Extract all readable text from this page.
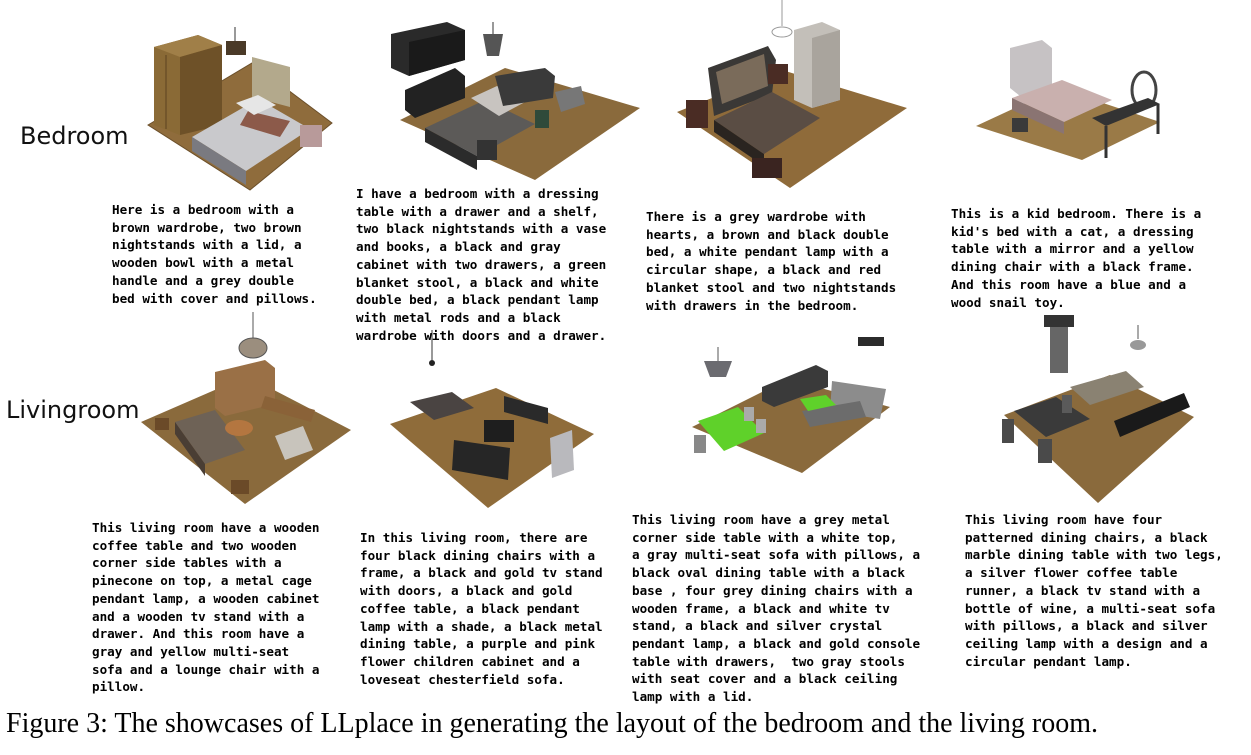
Bedroom
Livingroom
Here is a bedroom with a
brown wardrobe, two brown
nightstands with a lid, a
wooden bowl with a metal
handle and a grey double
bed with cover and pillows.
I have a bedroom with a dressing
table with a drawer and a shelf,
two black nightstands with a vase
and books, a black and gray
cabinet with two drawers, a green
blanket stool, a black and white
double bed, a black pendant lamp
with metal rods and a black
wardrobe with doors and a drawer.
There is a grey wardrobe with
hearts, a brown and black double
bed, a white pendant lamp with a
circular shape, a black and red
blanket stool and two nightstands
with drawers in the bedroom.
This is a kid bedroom. There is a
kid's bed with a cat, a dressing
table with a mirror and a yellow
dining chair with a black frame.
And this room have a blue and a
wood snail toy.
This living room have a wooden
coffee table and two wooden
corner side tables with a
pinecone on top, a metal cage
pendant lamp, a wooden cabinet
and a wooden tv stand with a
drawer. And this room have a
gray and yellow multi-seat
sofa and a lounge chair with a
pillow.
In this living room, there are
four black dining chairs with a
frame, a black and gold tv stand
with doors, a black and gold
coffee table, a black pendant
lamp with a shade, a black metal
dining table, a purple and pink
flower children cabinet and a
loveseat chesterfield sofa.
This living room have a grey metal
corner side table with a white top,
a gray multi-seat sofa with pillows, a
black oval dining table with a black
base , four grey dining chairs with a
wooden frame, a black and white tv
stand, a black and silver crystal
pendant lamp, a black and gold console
table with drawers,  two gray stools
with seat cover and a black ceiling
lamp with a lid.
This living room have four
patterned dining chairs, a black
marble dining table with two legs,
a silver flower coffee table
runner, a black tv stand with a
bottle of wine, a multi-seat sofa
with pillows, a black and silver
ceiling lamp with a design and a
circular pendant lamp.
Figure 3: The showcases of LLplace in generating the layout of the bedroom and the living room.
